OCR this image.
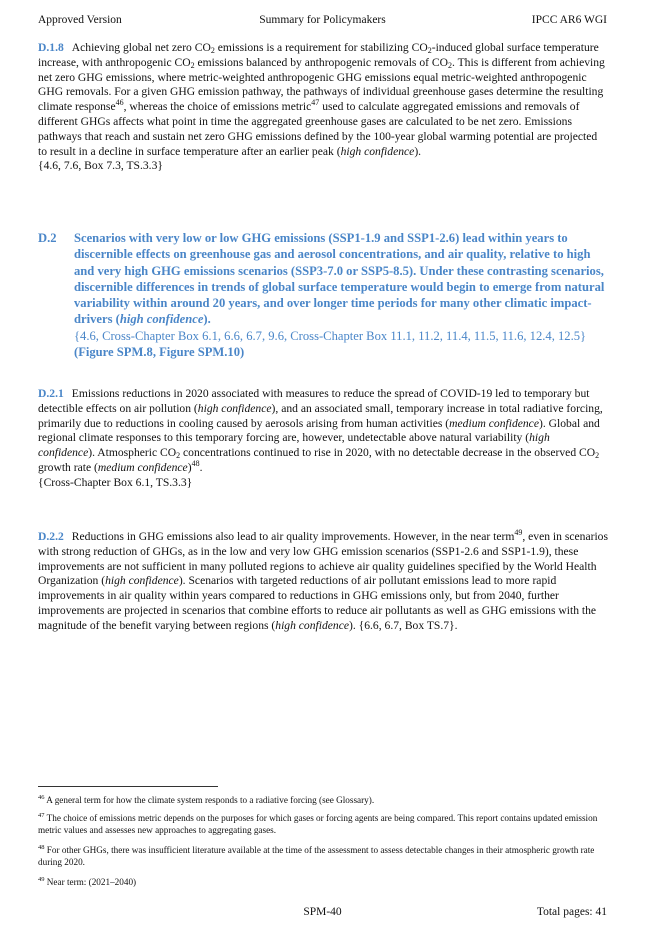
Approved Version	Summary for Policymakers	IPCC AR6 WGI

D.1.8 Achieving global net zero $CO_2$ emissions is a requirement for stabilizing $CO_2$-induced global surface temperature increase, with anthropogenic $CO_2$ emissions balanced by anthropogenic removals of $CO_2$. This is different from achieving net zero GHG emissions, where metric-weighted anthropogenic GHG emissions equal metric-weighted anthropogenic GHG removals. For a given GHG emission pathway, the pathways of individual greenhouse gases determine the resulting climate response$^{46}$, whereas the choice of emissions metric$^{47}$ used to calculate aggregated emissions and removals of different GHGs affects what point in time the aggregated greenhouse gases are calculated to be net zero. Emissions pathways that reach and sustain net zero GHG emissions defined by the 100-year global warming potential are projected to result in a decline in surface temperature after an earlier peak (high confidence).
{4.6, 7.6, Box 7.3, TS.3.3}

D.2 Scenarios with very low or low GHG emissions (SSP1-1.9 and SSP1-2.6) lead within years to discernible effects on greenhouse gas and aerosol concentrations, and air quality, relative to high and very high GHG emissions scenarios (SSP3-7.0 or SSP5-8.5). Under these contrasting scenarios, discernible differences in trends of global surface temperature would begin to emerge from natural variability within around 20 years, and over longer time periods for many other climatic impact-drivers (high confidence).
{4.6, Cross-Chapter Box 6.1, 6.6, 6.7, 9.6, Cross-Chapter Box 11.1, 11.2, 11.4, 11.5, 11.6, 12.4, 12.5} (Figure SPM.8, Figure SPM.10)

D.2.1 Emissions reductions in 2020 associated with measures to reduce the spread of COVID-19 led to temporary but detectible effects on air pollution (high confidence), and an associated small, temporary increase in total radiative forcing, primarily due to reductions in cooling caused by aerosols arising from human activities (medium confidence). Global and regional climate responses to this temporary forcing are, however, undetectable above natural variability (high confidence). Atmospheric $CO_2$ concentrations continued to rise in 2020, with no detectable decrease in the observed $CO_2$ growth rate (medium confidence)$^{48}$.
{Cross-Chapter Box 6.1, TS.3.3}

D.2.2 Reductions in GHG emissions also lead to air quality improvements. However, in the near term$^{49}$, even in scenarios with strong reduction of GHGs, as in the low and very low GHG emission scenarios (SSP1-2.6 and SSP1-1.9), these improvements are not sufficient in many polluted regions to achieve air quality guidelines specified by the World Health Organization (high confidence). Scenarios with targeted reductions of air pollutant emissions lead to more rapid improvements in air quality within years compared to reductions in GHG emissions only, but from 2040, further improvements are projected in scenarios that combine efforts to reduce air pollutants as well as GHG emissions with the magnitude of the benefit varying between regions (high confidence). {6.6, 6.7, Box TS.7}.

$^{46}$ A general term for how the climate system responds to a radiative forcing (see Glossary).

$^{47}$ The choice of emissions metric depends on the purposes for which gases or forcing agents are being compared. This report contains updated emission metric values and assesses new approaches to aggregating gases.

$^{48}$ For other GHGs, there was insufficient literature available at the time of the assessment to assess detectable changes in their atmospheric growth rate during 2020.

$^{49}$ Near term: (2021–2040)

SPM-40	Total pages: 41
